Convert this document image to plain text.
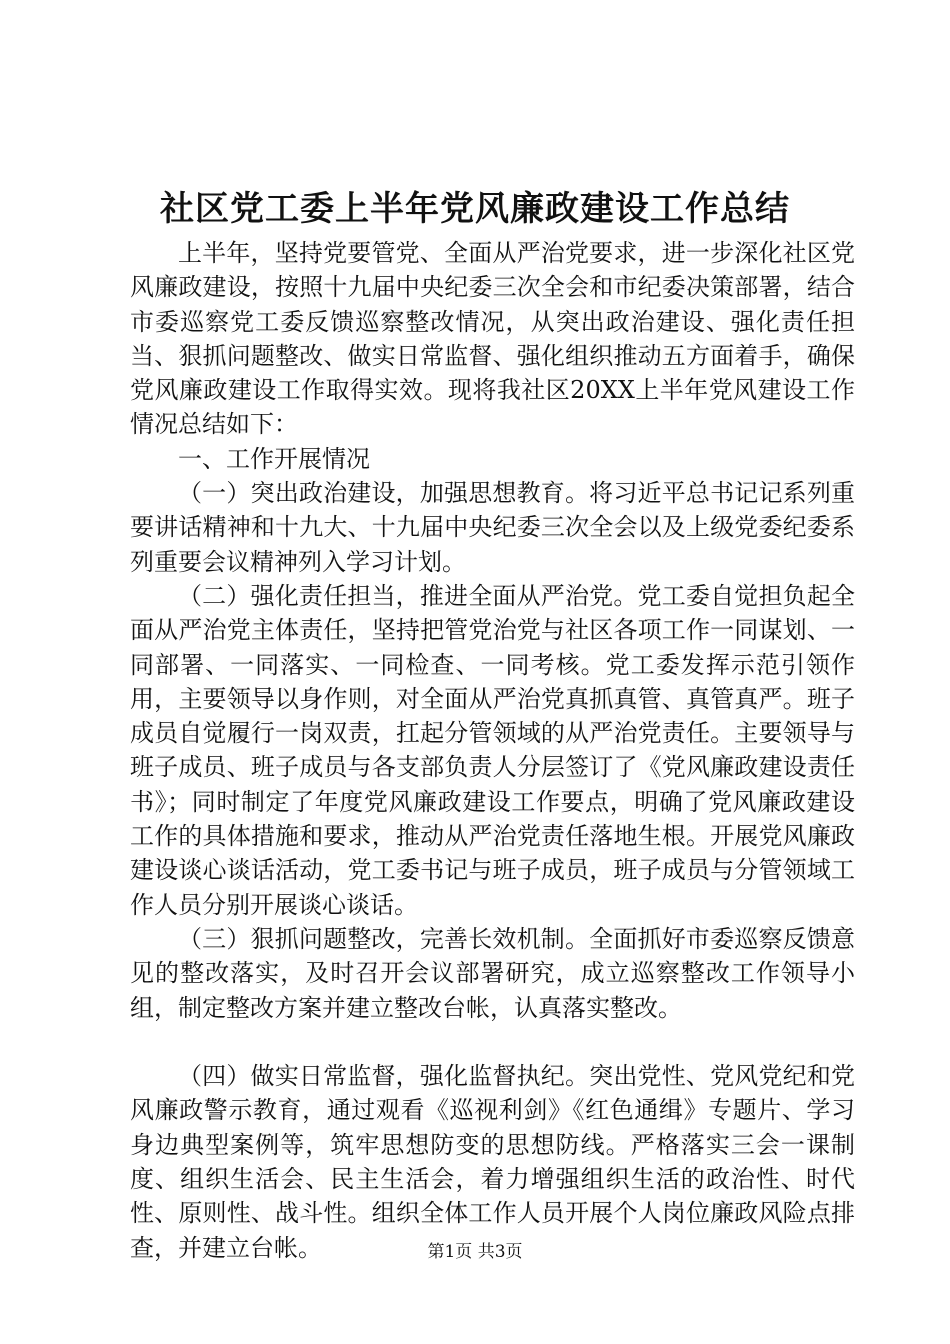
社区党工委上半年党风廉政建设工作总结

上半年，坚持党要管党、全面从严治党要求，进一步深化社区党风廉政建设，按照十九届中央纪委三次全会和市纪委决策部署，结合市委巡察党工委反馈巡察整改情况，从突出政治建设、强化责任担当、狠抓问题整改、做实日常监督、强化组织推动五方面着手，确保党风廉政建设工作取得实效。现将我社区20XX上半年党风建设工作情况总结如下：

一、工作开展情况

（一）突出政治建设，加强思想教育。将习近平总书记记系列重要讲话精神和十九大、十九届中央纪委三次全会以及上级党委纪委系列重要会议精神列入学习计划。

（二）强化责任担当，推进全面从严治党。党工委自觉担负起全面从严治党主体责任，坚持把管党治党与社区各项工作一同谋划、一同部署、一同落实、一同检查、一同考核。党工委发挥示范引领作用，主要领导以身作则，对全面从严治党真抓真管、真管真严。班子成员自觉履行一岗双责，扛起分管领域的从严治党责任。主要领导与班子成员、班子成员与各支部负责人分层签订了《党风廉政建设责任书》；同时制定了年度党风廉政建设工作要点，明确了党风廉政建设工作的具体措施和要求，推动从严治党责任落地生根。开展党风廉政建设谈心谈话活动，党工委书记与班子成员，班子成员与分管领域工作人员分别开展谈心谈话。

（三）狠抓问题整改，完善长效机制。全面抓好市委巡察反馈意见的整改落实，及时召开会议部署研究，成立巡察整改工作领导小组，制定整改方案并建立整改台帐，认真落实整改。

（四）做实日常监督，强化监督执纪。突出党性、党风党纪和党风廉政警示教育，通过观看《巡视利剑》《红色通缉》专题片、学习身边典型案例等，筑牢思想防变的思想防线。严格落实三会一课制度、组织生活会、民主生活会，着力增强组织生活的政治性、时代性、原则性、战斗性。组织全体工作人员开展个人岗位廉政风险点排查，并建立台帐。	第1页 共3页
